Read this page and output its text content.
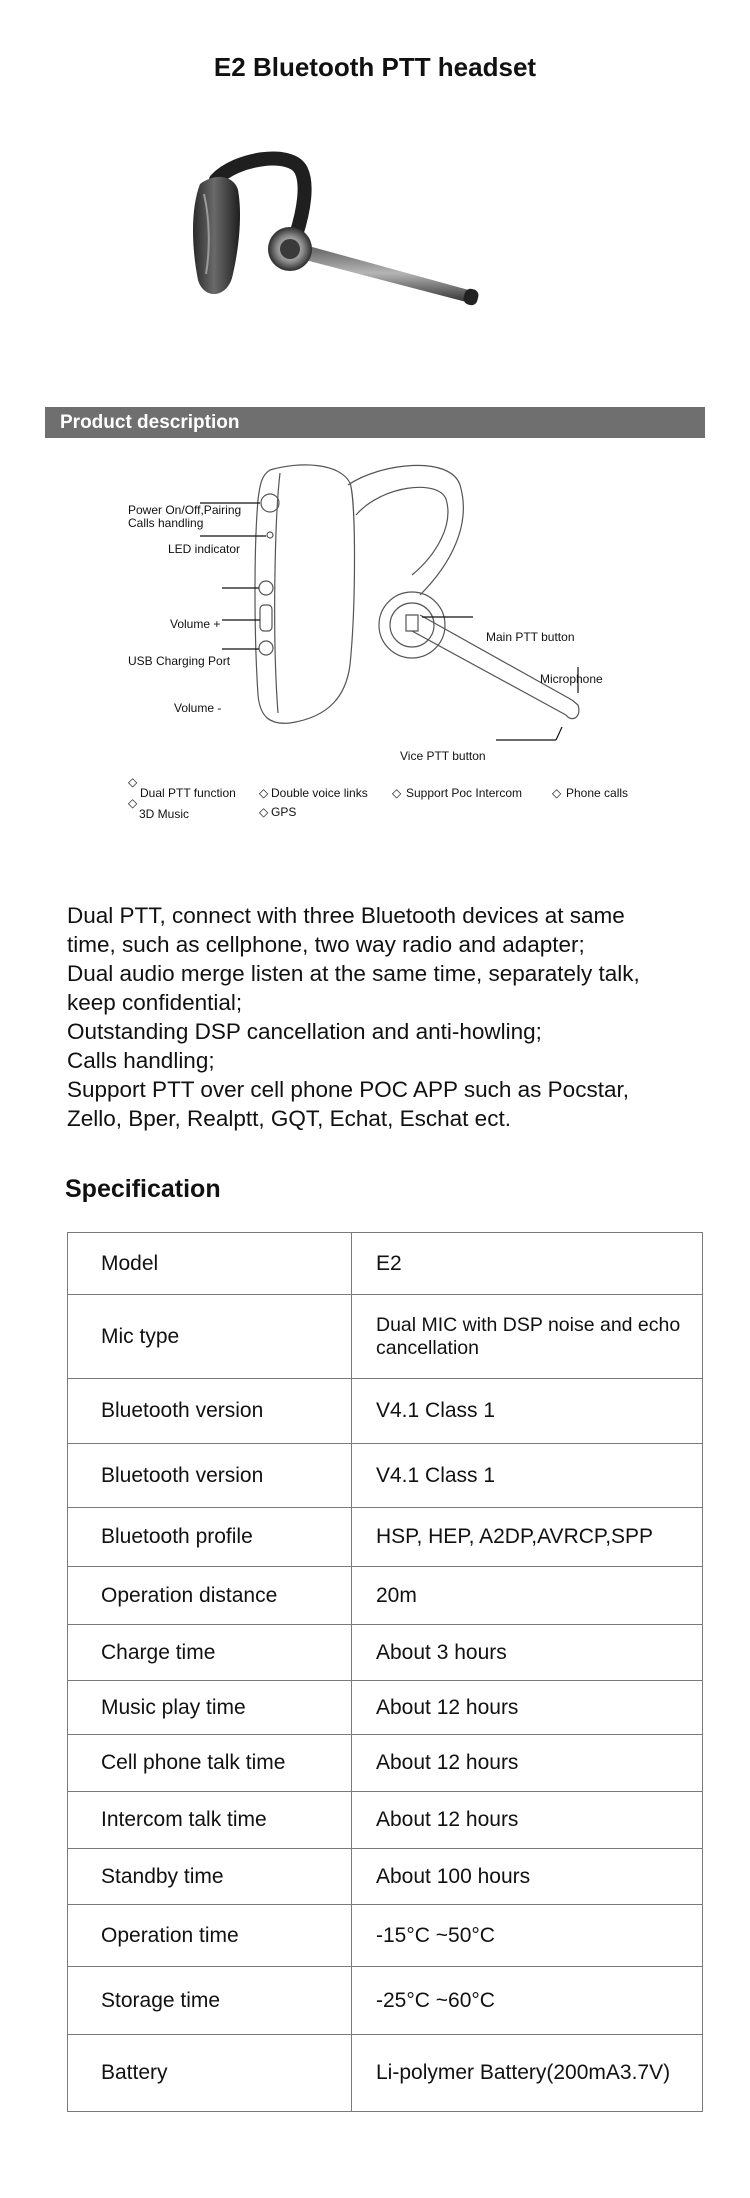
E2 Bluetooth PTT headset
Product description
Power On/Off,Pairing
Calls handling
LED indicator
Volume +
USB Charging Port
Volume -
Main PTT button
Microphone
Vice PTT button
◇
Dual PTT function
◇
3D Music
◇ Double voice links
◇ GPS
◇ Support Poc Intercom ◇ Phone calls
Dual PTT, connect with three Bluetooth devices at same
time, such as cellphone, two way radio and adapter;
Dual audio merge listen at the same time, separately talk,
keep confidential;
Outstanding DSP cancellation and anti-howling;
Calls handling;
Support PTT over cell phone POC APP such as Pocstar,
Zello, Bper, Realptt, GQT, Echat, Eschat ect.
Specification
Model	E2
Mic type	Dual MIC with DSP noise and echo cancellation
Bluetooth version	V4.1 Class 1
Bluetooth version	V4.1 Class 1
Bluetooth profile	HSP, HEP, A2DP,AVRCP,SPP
Operation distance	20m
Charge time	About 3 hours
Music play time	About 12 hours
Cell phone talk time	About 12 hours
Intercom talk time	About 12 hours
Standby time	About 100 hours
Operation time	-15°C ~50°C
Storage time	-25°C ~60°C
Battery	Li-polymer Battery(200mA3.7V)
